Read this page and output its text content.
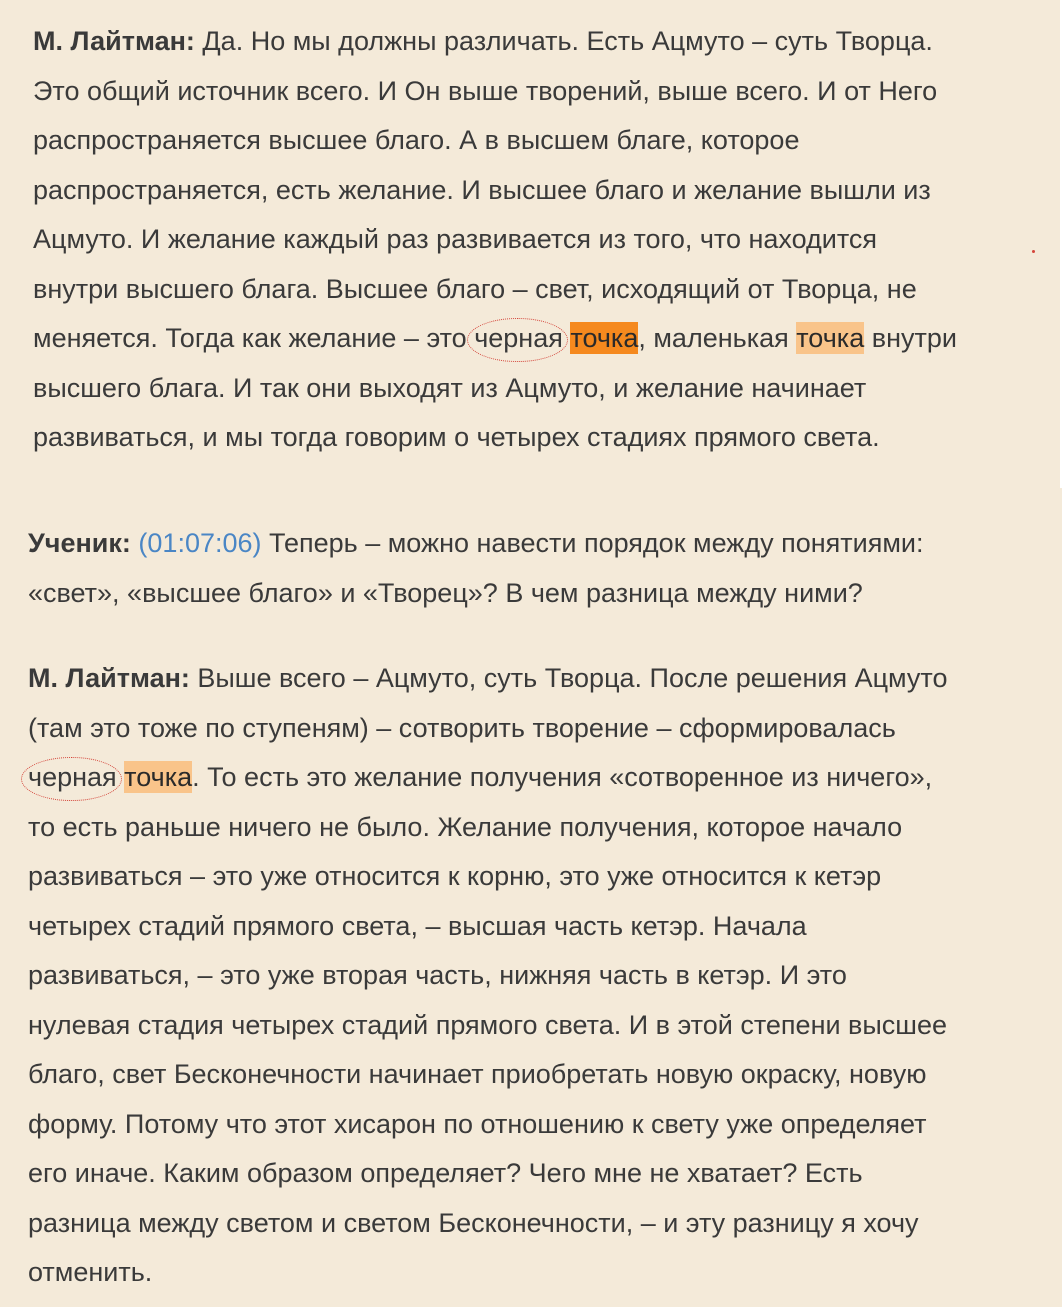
М. Лайтман: Да. Но мы должны различать. Есть Ацмуто – суть Творца.
Это общий источник всего. И Он выше творений, выше всего. И от Него
распространяется высшее благо. А в высшем благе, которое
распространяется, есть желание. И высшее благо и желание вышли из
Ацмуто. И желание каждый раз развивается из того, что находится
внутри высшего блага. Высшее благо – свет, исходящий от Творца, не
меняется. Тогда как желание – это черная точка, маленькая точка внутри
высшего блага. И так они выходят из Ацмуто, и желание начинает
развиваться, и мы тогда говорим о четырех стадиях прямого света.
Ученик: (01:07:06) Теперь – можно навести порядок между понятиями:
«свет», «высшее благо» и «Творец»? В чем разница между ними?
М. Лайтман: Выше всего – Ацмуто, суть Творца. После решения Ацмуто
(там это тоже по ступеням) – сотворить творение – сформировалась
черная точка. То есть это желание получения «сотворенное из ничего»,
то есть раньше ничего не было. Желание получения, которое начало
развиваться – это уже относится к корню, это уже относится к кетэр
четырех стадий прямого света, – высшая часть кетэр. Начала
развиваться, – это уже вторая часть, нижняя часть в кетэр. И это
нулевая стадия четырех стадий прямого света. И в этой степени высшее
благо, свет Бесконечности начинает приобретать новую окраску, новую
форму. Потому что этот хисарон по отношению к свету уже определяет
его иначе. Каким образом определяет? Чего мне не хватает? Есть
разница между светом и светом Бесконечности, – и эту разницу я хочу
отменить.
